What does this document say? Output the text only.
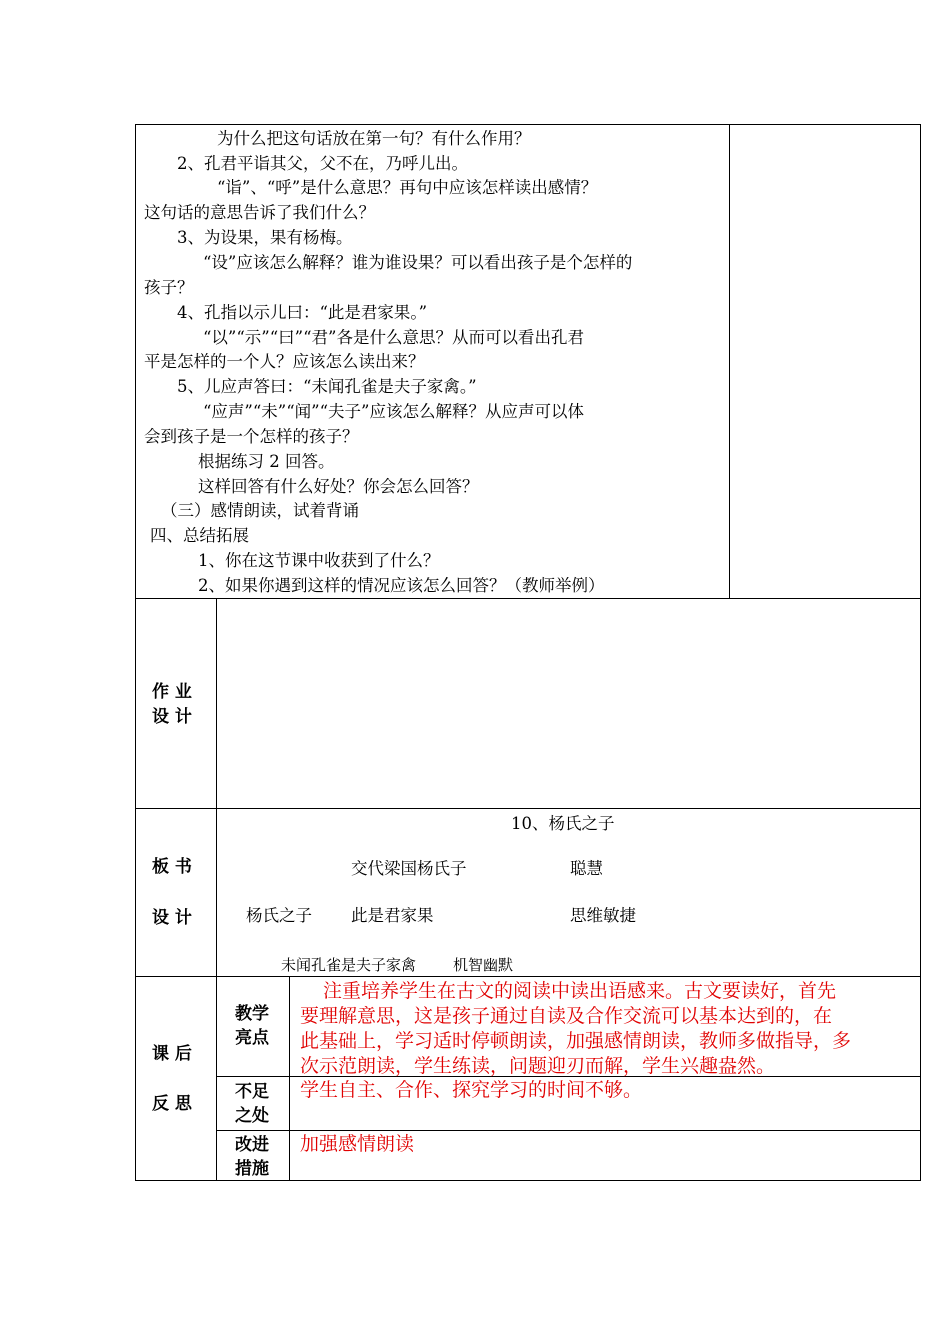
为什么把这句话放在第一句？有什么作用？
2、孔君平诣其父，父不在，乃呼儿出。
“诣”、“呼”是什么意思？再句中应该怎样读出感情？
这句话的意思告诉了我们什么？
3、为设果，果有杨梅。
“设”应该怎么解释？谁为谁设果？可以看出孩子是个怎样的
孩子？
4、孔指以示儿曰：“此是君家果。”
“以”“示”“曰”“君”各是什么意思？从而可以看出孔君
平是怎样的一个人？应该怎么读出来？
5、儿应声答曰：“未闻孔雀是夫子家禽。”
“应声”“未”“闻”“夫子”应该怎么解释？从应声可以体
会到孩子是一个怎样的孩子？
根据练习 2 回答。
这样回答有什么好处？你会怎么回答？
（三）感情朗读，试着背诵
四、总结拓展
1、你在这节课中收获到了什么？
2、如果你遇到这样的情况应该怎么回答？（教师举例）
作 业
设 计
板 书
设 计
10、杨氏之子
交代梁国杨氏子	聪慧
杨氏之子 此是君家果	思维敏捷
未闻孔雀是夫子家禽 机智幽默
课 后
反 思
教学
亮点
注重培养学生在古文的阅读中读出语感来。古文要读好，首先
要理解意思，这是孩子通过自读及合作交流可以基本达到的，在
此基础上，学习适时停顿朗读，加强感情朗读，教师多做指导，多
次示范朗读，学生练读，问题迎刃而解，学生兴趣盎然。
不足
之处
学生自主、合作、探究学习的时间不够。
改进
措施
加强感情朗读
